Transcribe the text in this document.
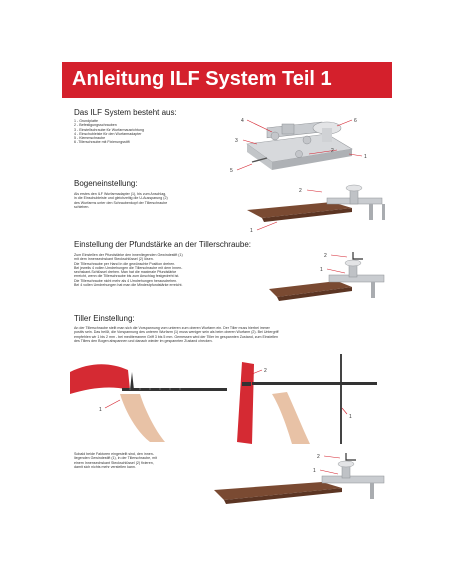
Anleitung ILF System Teil 1
Das ILF System besteht aus:
1 - Grundplatte
2 - Befestigungsschrauben
3 - Einstellschraube für Wurfarmausrichtung
4 - Einschubleiste für den Wurfarmadapter
5 - Klemmschraube
6 -Tillerschraube mit Fixierungsstift
4	6
3
2
1
5
Bogeneinstellung:
Als erstes den ILF Wurfarmadapter (1), bis zum Anschlag,
in die Einschubleiste und gleichzeitig die U-Aussparung (2)
des Wurfarms unter den Schraubenkopf der Tillerschraube
schieben.
2
1
Einstellung der Pfundstärke an der Tillerschraube:
Zum Einstellen der Pfundstärke den innenliegenden Gewindestift (1)
mit dem Innensechskant Steckschlüssel (2) lösen.
Die Tillerschraube per Hand in die gewünschte Position drehen.
Bei jeweils 4 vollen Umdrehungen die Tillerschraube mit dem Innen-
sechskant-Schlüssel drehen. Man hat die maximale Pfundstärke
erreicht, wenn die Tillerschraube bis zum Anschlag festgedreht ist.
Die Tillerschraube nicht mehr als 4 Umdrehungen herausdrehen.
Bei 4 vollen Umdrehungen hat man die Mindestpfundstärke erreicht.
2
1
Tiller Einstellung:
An der Tillerschraube stellt man sich die Vorspannung vom unteren zum oberen Wurfarm ein. Der Tiller muss hierbei immer
positiv sein. Das heißt, die Vorspannung des unteren Wurfarm (1) muss weniger sein als beim oberen Wurfarm (2). Bei Untergriff
empfehlen wir 1 bis 2 mm - bei mediterranem Griff 3 bis 5 mm. Gemessen wird der Tiller im gespannten Zustand, zum Einstellen
des Tillers den Bogen abspannen und danach wieder im gespannten Zustand checken.
1
2
1
Sobald beide Faktoren eingestellt sind, den innen-
liegenden Gewindestift (1), in der Tillerschraube, mit
einem Innensechskant Steckschlüssel (2) fixieren,
damit sich nichts mehr verstellen kann.
2
1
